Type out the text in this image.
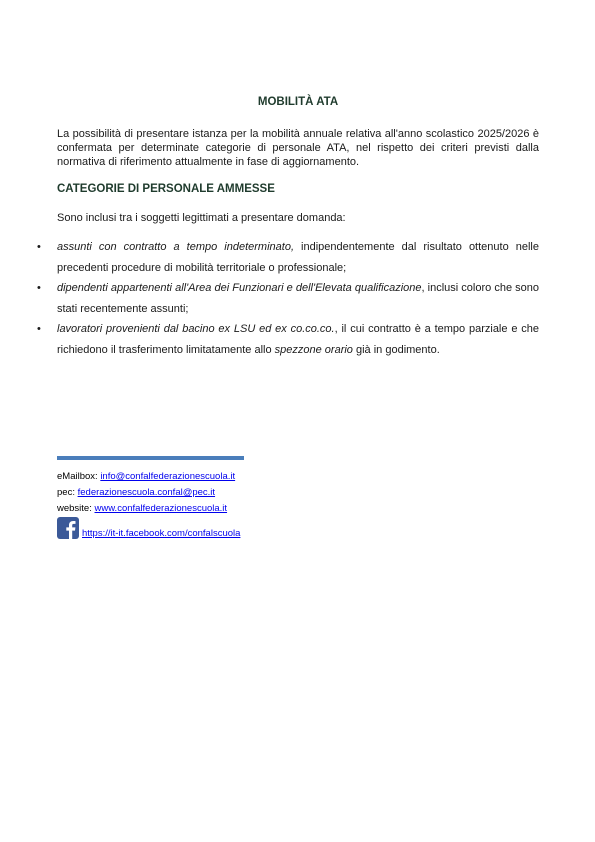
MOBILITÀ ATA
La possibilità di presentare istanza per la mobilità annuale relativa all'anno scolastico 2025/2026 è confermata per determinate categorie di personale ATA, nel rispetto dei criteri previsti dalla normativa di riferimento attualmente in fase di aggiornamento.
CATEGORIE DI PERSONALE AMMESSE
Sono inclusi tra i soggetti legittimati a presentare domanda:
• assunti con contratto a tempo indeterminato, indipendentemente dal risultato ottenuto nelle precedenti procedure di mobilità territoriale o professionale;
• dipendenti appartenenti all'Area dei Funzionari e dell'Elevata qualificazione, inclusi coloro che sono stati recentemente assunti;
• lavoratori provenienti dal bacino ex LSU ed ex co.co.co., il cui contratto è a tempo parziale e che richiedono il trasferimento limitatamente allo spezzone orario già in godimento.
eMailbox: info@confalfederazionescuola.it
pec: federazionescuola.confal@pec.it
website: www.confalfederazionescuola.it
https://it-it.facebook.com/confalscuola
